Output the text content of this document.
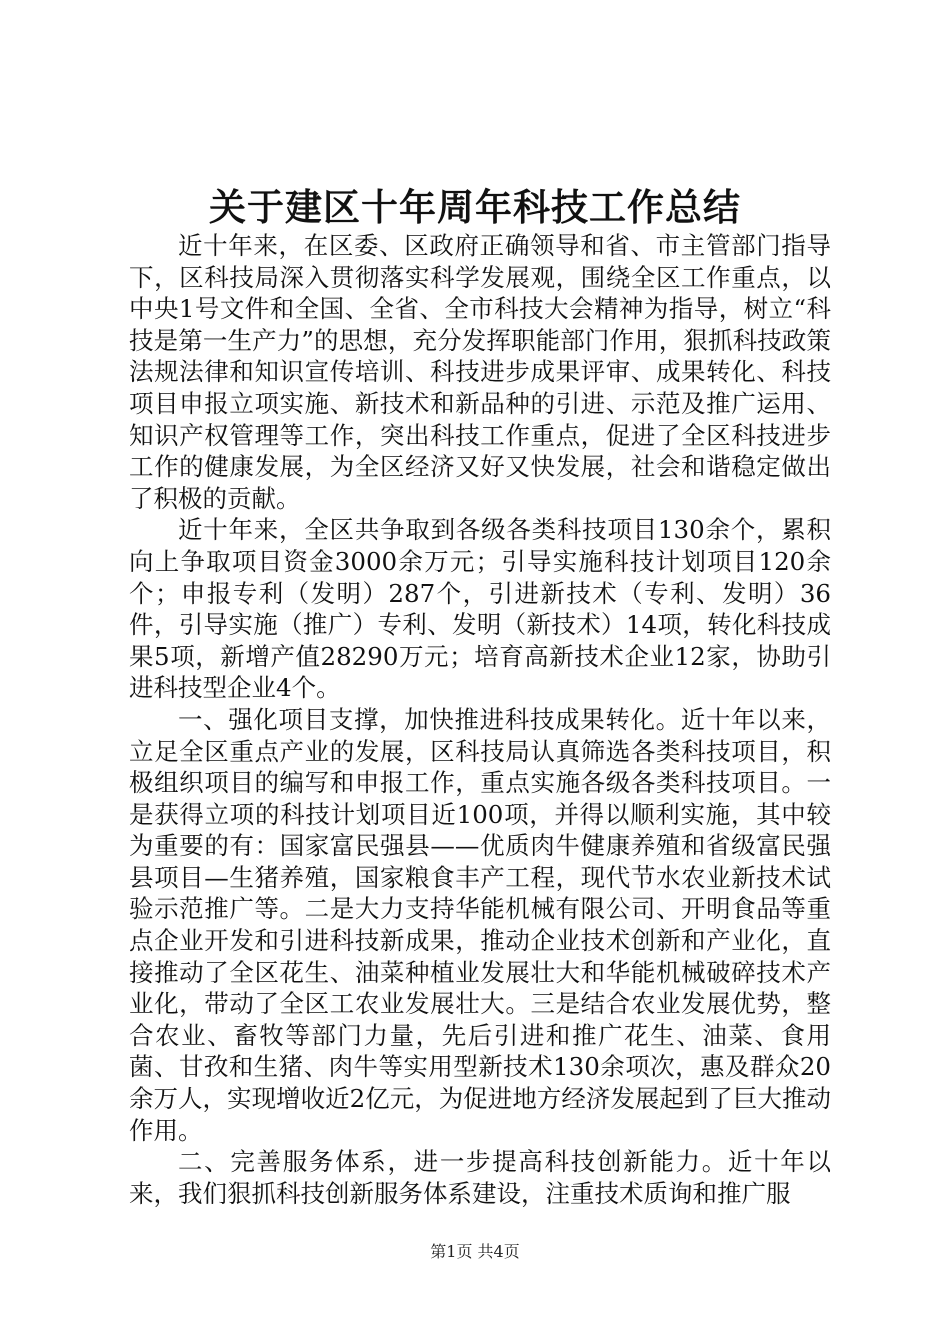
关于建区十年周年科技工作总结

近十年来，在区委、区政府正确领导和省、市主管部门指导下，区科技局深入贯彻落实科学发展观，围绕全区工作重点，以中央1号文件和全国、全省、全市科技大会精神为指导，树立“科技是第一生产力”的思想，充分发挥职能部门作用，狠抓科技政策法规法律和知识宣传培训、科技进步成果评审、成果转化、科技项目申报立项实施、新技术和新品种的引进、示范及推广运用、知识产权管理等工作，突出科技工作重点，促进了全区科技进步工作的健康发展，为全区经济又好又快发展，社会和谐稳定做出了积极的贡献。

近十年来，全区共争取到各级各类科技项目130余个，累积向上争取项目资金3000余万元；引导实施科技计划项目120余个；申报专利（发明）287个，引进新技术（专利、发明）36件，引导实施（推广）专利、发明（新技术）14项，转化科技成果5项，新增产值28290万元；培育高新技术企业12家，协助引进科技型企业4个。

一、强化项目支撑，加快推进科技成果转化。近十年以来，立足全区重点产业的发展，区科技局认真筛选各类科技项目，积极组织项目的编写和申报工作，重点实施各级各类科技项目。一是获得立项的科技计划项目近100项，并得以顺利实施，其中较为重要的有：国家富民强县——优质肉牛健康养殖和省级富民强县项目—生猪养殖，国家粮食丰产工程，现代节水农业新技术试验示范推广等。二是大力支持华能机械有限公司、开明食品等重点企业开发和引进科技新成果，推动企业技术创新和产业化，直接推动了全区花生、油菜种植业发展壮大和华能机械破碎技术产业化，带动了全区工农业发展壮大。三是结合农业发展优势，整合农业、畜牧等部门力量，先后引进和推广花生、油菜、食用菌、甘孜和生猪、肉牛等实用型新技术130余项次，惠及群众20余万人，实现增收近2亿元，为促进地方经济发展起到了巨大推动作用。

二、完善服务体系，进一步提高科技创新能力。近十年以来，我们狠抓科技创新服务体系建设，注重技术质询和推广服

第1页 共4页
